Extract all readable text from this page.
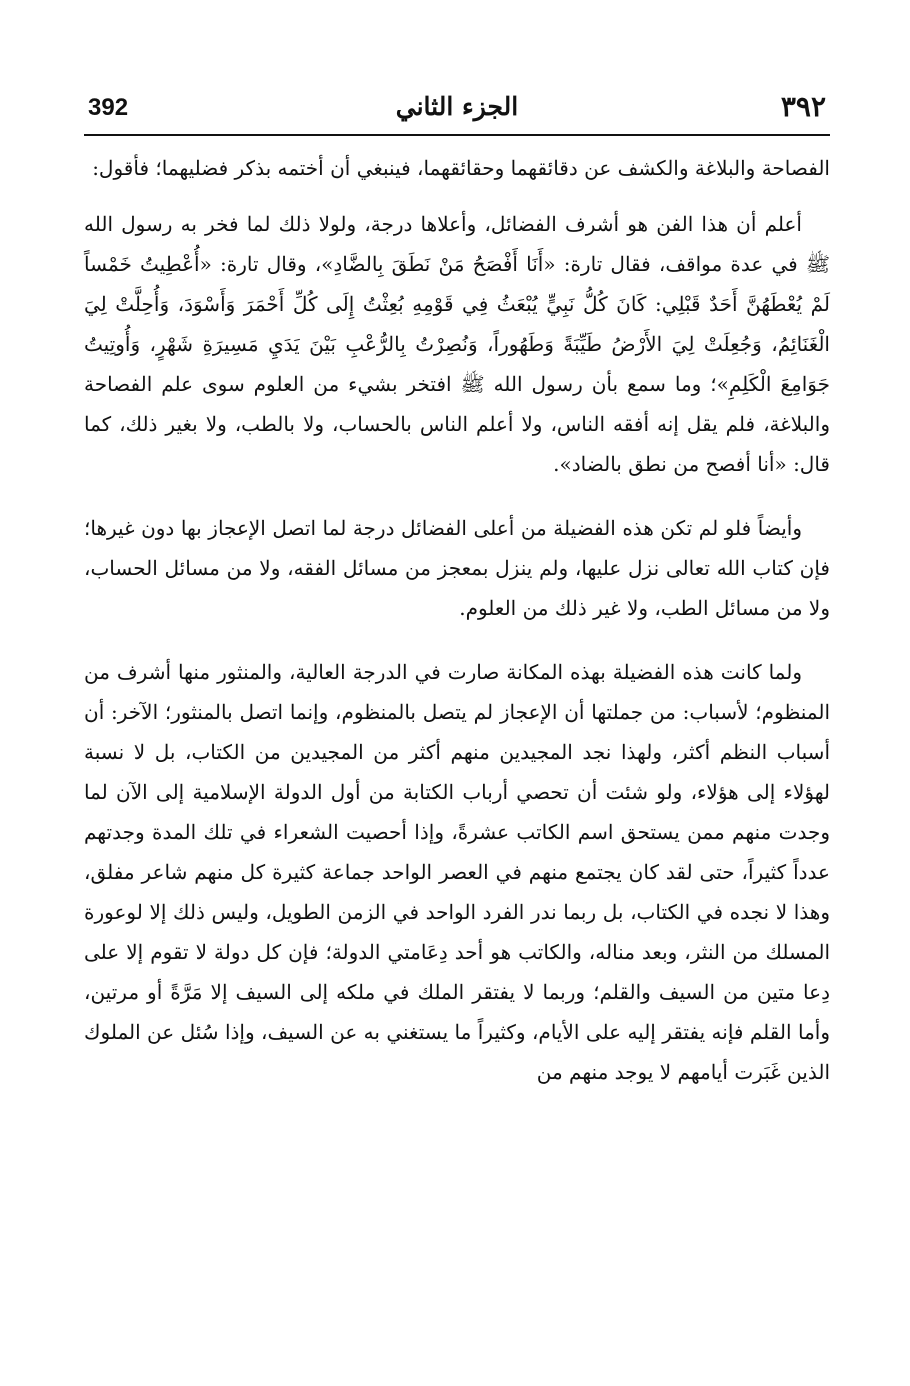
392	الجزء الثاني	٣٩٢

الفصاحة والبلاغة والكشف عن دقائقهما وحقائقهما، فينبغي أن أختمه بذكر فضليهما؛ فأقول:

أعلم أن هذا الفن هو أشرف الفضائل، وأعلاها درجة، ولولا ذلك لما فخر به رسول الله ﷺ في عدة مواقف، فقال تارة: «أَنَا أَفْصَحُ مَنْ نَطَقَ بِالضَّادِ»، وقال تارة: «أُعْطِيتُ خَمْساً لَمْ يُعْطَهُنَّ أَحَدٌ قَبْلِي: كَانَ كُلُّ نَبِيٍّ يُبْعَثُ فِي قَوْمِهِ بُعِثْتُ إِلَى كُلِّ أَحْمَرَ وَأَسْوَدَ، وَأُحِلَّتْ لِيَ الْغَنَائِمُ، وَجُعِلَتْ لِيَ الأَرْضُ طَيِّبَةً وَطَهُوراً، وَنُصِرْتُ بِالرُّعْبِ بَيْنَ يَدَيِ مَسِيرَةِ شَهْرٍ، وَأُوتِيتُ جَوَامِعَ الْكَلِمِ»؛ وما سمع بأن رسول الله ﷺ افتخر بشيء من العلوم سوى علم الفصاحة والبلاغة، فلم يقل إنه أفقه الناس، ولا أعلم الناس بالحساب، ولا بالطب، ولا بغير ذلك، كما قال: «أنا أفصح من نطق بالضاد».

وأيضاً فلو لم تكن هذه الفضيلة من أعلى الفضائل درجة لما اتصل الإعجاز بها دون غيرها؛ فإن كتاب الله تعالى نزل عليها، ولم ينزل بمعجز من مسائل الفقه، ولا من مسائل الحساب، ولا من مسائل الطب، ولا غير ذلك من العلوم.

ولما كانت هذه الفضيلة بهذه المكانة صارت في الدرجة العالية، والمنثور منها أشرف من المنظوم؛ لأسباب: من جملتها أن الإعجاز لم يتصل بالمنظوم، وإنما اتصل بالمنثور؛ الآخر: أن أسباب النظم أكثر، ولهذا نجد المجيدين منهم أكثر من المجيدين من الكتاب، بل لا نسبة لهؤلاء إلى هؤلاء، ولو شئت أن تحصي أرباب الكتابة من أول الدولة الإسلامية إلى الآن لما وجدت منهم ممن يستحق اسم الكاتب عشرةً، وإذا أحصيت الشعراء في تلك المدة وجدتهم عدداً كثيراً، حتى لقد كان يجتمع منهم في العصر الواحد جماعة كثيرة كل منهم شاعر مفلق، وهذا لا نجده في الكتاب، بل ربما ندر الفرد الواحد في الزمن الطويل، وليس ذلك إلا لوعورة المسلك من النثر، وبعد مناله، والكاتب هو أحد دِعَامتي الدولة؛ فإن كل دولة لا تقوم إلا على دِعا متين من السيف والقلم؛ وربما لا يفتقر الملك في ملكه إلى السيف إلا مَرَّةً أو مرتين، وأما القلم فإنه يفتقر إليه على الأيام، وكثيراً ما يستغني به عن السيف، وإذا سُئل عن الملوك الذين غَبَرت أيامهم لا يوجد منهم من
